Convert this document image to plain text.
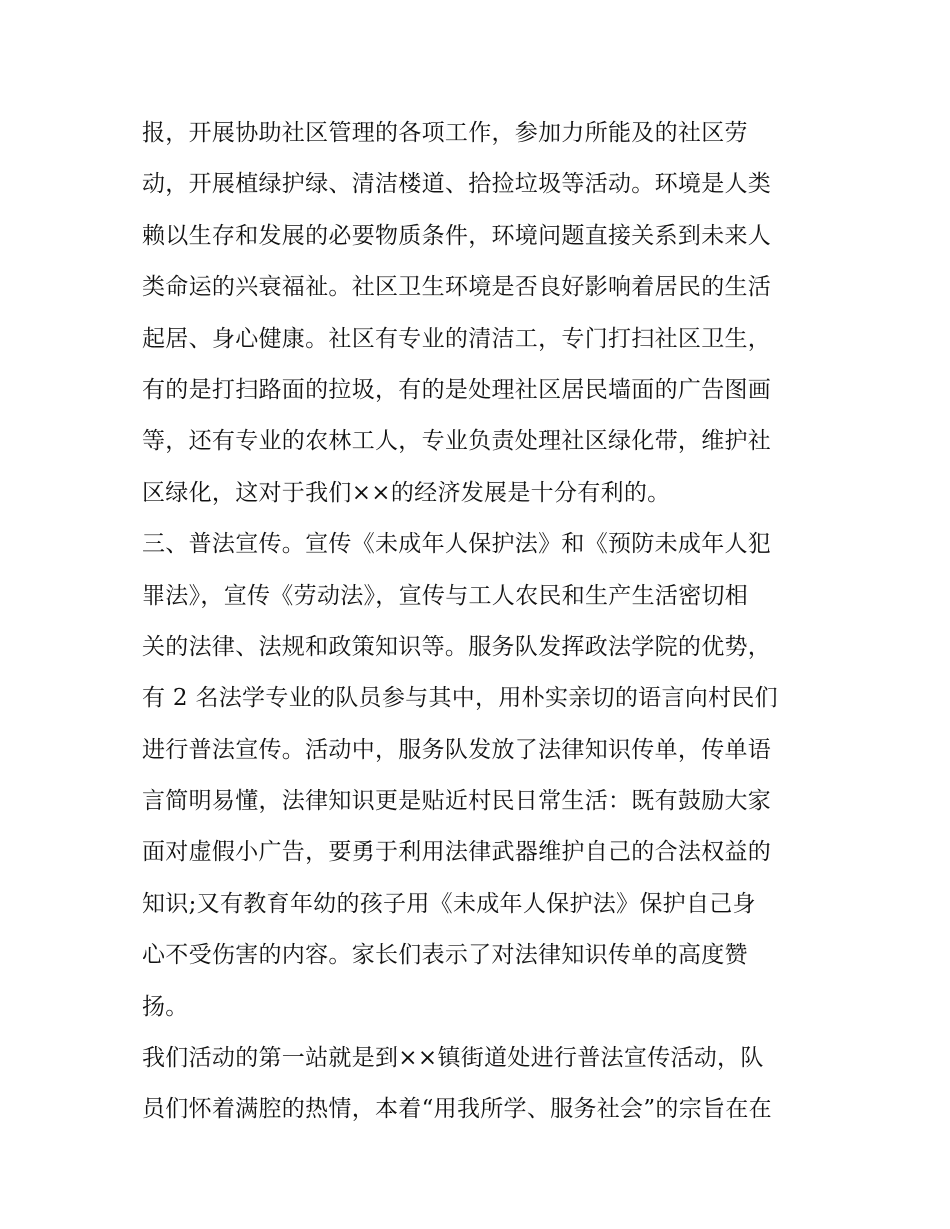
报，开展协助社区管理的各项工作，参加力所能及的社区劳
动，开展植绿护绿、清洁楼道、拾捡垃圾等活动。环境是人类
赖以生存和发展的必要物质条件，环境问题直接关系到未来人
类命运的兴衰福祉。社区卫生环境是否良好影响着居民的生活
起居、身心健康。社区有专业的清洁工，专门打扫社区卫生，
有的是打扫路面的拉圾，有的是处理社区居民墙面的广告图画
等，还有专业的农林工人，专业负责处理社区绿化带，维护社
区绿化，这对于我们××的经济发展是十分有利的。
三、普法宣传。宣传《未成年人保护法》和《预防未成年人犯
罪法》，宣传《劳动法》，宣传与工人农民和生产生活密切相
关的法律、法规和政策知识等。服务队发挥政法学院的优势，
有 2 名法学专业的队员参与其中，用朴实亲切的语言向村民们
进行普法宣传。活动中，服务队发放了法律知识传单，传单语
言简明易懂，法律知识更是贴近村民日常生活：既有鼓励大家
面对虚假小广告，要勇于利用法律武器维护自己的合法权益的
知识;又有教育年幼的孩子用《未成年人保护法》保护自己身
心不受伤害的内容。家长们表示了对法律知识传单的高度赞
扬。
我们活动的第一站就是到××镇街道处进行普法宣传活动，队
员们怀着满腔的热情，本着“用我所学、服务社会”的宗旨在在
